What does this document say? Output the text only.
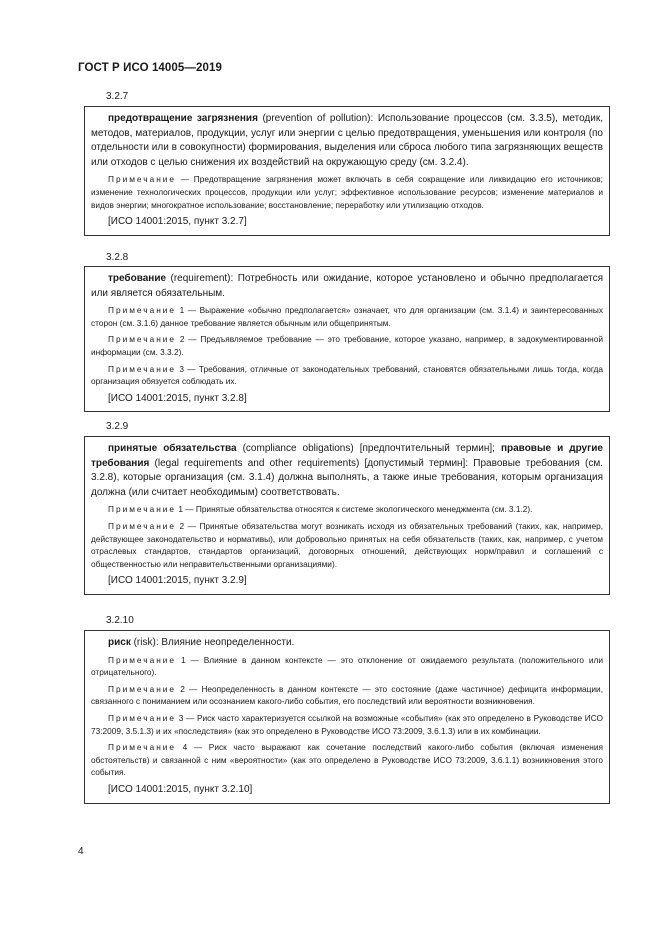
ГОСТ Р ИСО 14005—2019
3.2.7

предотвращение загрязнения (prevention of pollution): Использование процессов (см. 3.3.5), методик, методов, материалов, продукции, услуг или энергии с целью предотвращения, уменьшения или контроля (по отдельности или в совокупности) формирования, выделения или сброса любого типа загрязняющих веществ или отходов с целью снижения их воздействий на окружающую среду (см. 3.2.4).

Примечание — Предотвращение загрязнения может включать в себя сокращение или ликвидацию его источников; изменение технологических процессов, продукции или услуг; эффективное использование ресурсов; изменение материалов и видов энергии; многократное использование; восстановление; переработку или утилизацию отходов.

[ИСО 14001:2015, пункт 3.2.7]

3.2.8

требование (requirement): Потребность или ожидание, которое установлено и обычно предполагается или является обязательным.

Примечание 1 — Выражение «обычно предполагается» означает, что для организации (см. 3.1.4) и заинтересованных сторон (см. 3.1.6) данное требование является обычным или общепринятым.

Примечание 2 — Предъявляемое требование — это требование, которое указано, например, в задокументированной информации (см. 3.3.2).

Примечание 3 — Требования, отличные от законодательных требований, становятся обязательными лишь тогда, когда организация обязуется соблюдать их.

[ИСО 14001:2015, пункт 3.2.8]

3.2.9

принятые обязательства (compliance obligations) [предпочтительный термин]; правовые и другие требования (legal requirements and other requirements) [допустимый термин]: Правовые требования (см. 3.2.8), которые организация (см. 3.1.4) должна выполнять, а также иные требования, которым организация должна (или считает необходимым) соответствовать.

Примечание 1 — Принятые обязательства относятся к системе экологического менеджмента (см. 3.1.2).

Примечание 2 — Принятые обязательства могут возникать исходя из обязательных требований (таких, как, например, действующее законодательство и нормативы), или добровольно принятых на себя обязательств (таких, как, например, с учетом отраслевых стандартов, стандартов организаций, договорных отношений, действующих норм/правил и соглашений с общественностью или неправительственными организациями).

[ИСО 14001:2015, пункт 3.2.9]

3.2.10

риск (risk): Влияние неопределенности.

Примечание 1 — Влияние в данном контексте — это отклонение от ожидаемого результата (положительного или отрицательного).

Примечание 2 — Неопределенность в данном контексте — это состояние (даже частичное) дефицита информации, связанного с пониманием или осознанием какого-либо события, его последствий или вероятности возникновения.

Примечание 3 — Риск часто характеризуется ссылкой на возможные «события» (как это определено в Руководстве ИСО 73:2009, 3.5.1.3) и их «последствия» (как это определено в Руководстве ИСО 73:2009, 3.6.1.3) или в их комбинации.

Примечание 4 — Риск часто выражают как сочетание последствий какого-либо события (включая изменения обстоятельств) и связанной с ним «вероятности» (как это определено в Руководстве ИСО 73:2009, 3.6.1.1) возникновения этого события.

[ИСО 14001:2015, пункт 3.2.10]

4
